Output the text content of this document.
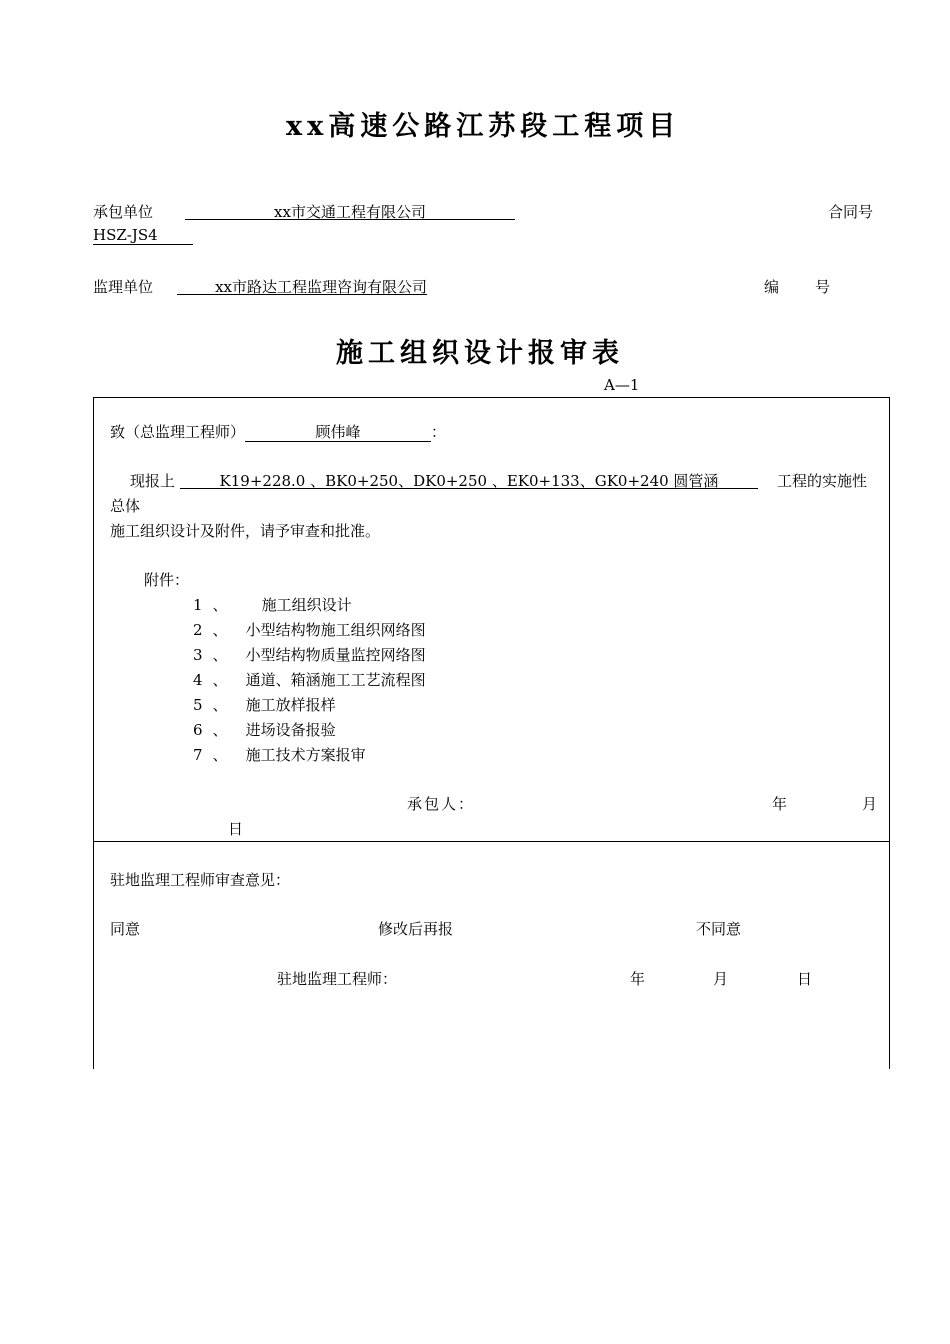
xx高速公路江苏段工程项目
承包单位	xx市交通工程有限公司	合同号
HSZ-JS4
监理单位	xx市路达工程监理咨询有限公司	编 号
施工组织设计报审表
A—1
致（总监理工程师）	顾伟峰	：
现报上	K19+228.0 、BK0+250、DK0+250 、EK0+133、GK0+240 圆管涵	工程的实施性
总体
施工组织设计及附件，请予审查和批准。
附件：
1 、 施工组织设计
2 、 小型结构物施工组织网络图
3 、 小型结构物质量监控网络图
4 、 通道、箱涵施工工艺流程图
5 、 施工放样报样
6 、 进场设备报验
7 、 施工技术方案报审
承包人：	年	月
日
驻地监理工程师审查意见：
同意	修改后再报	不同意
驻地监理工程师：	年	月	日
